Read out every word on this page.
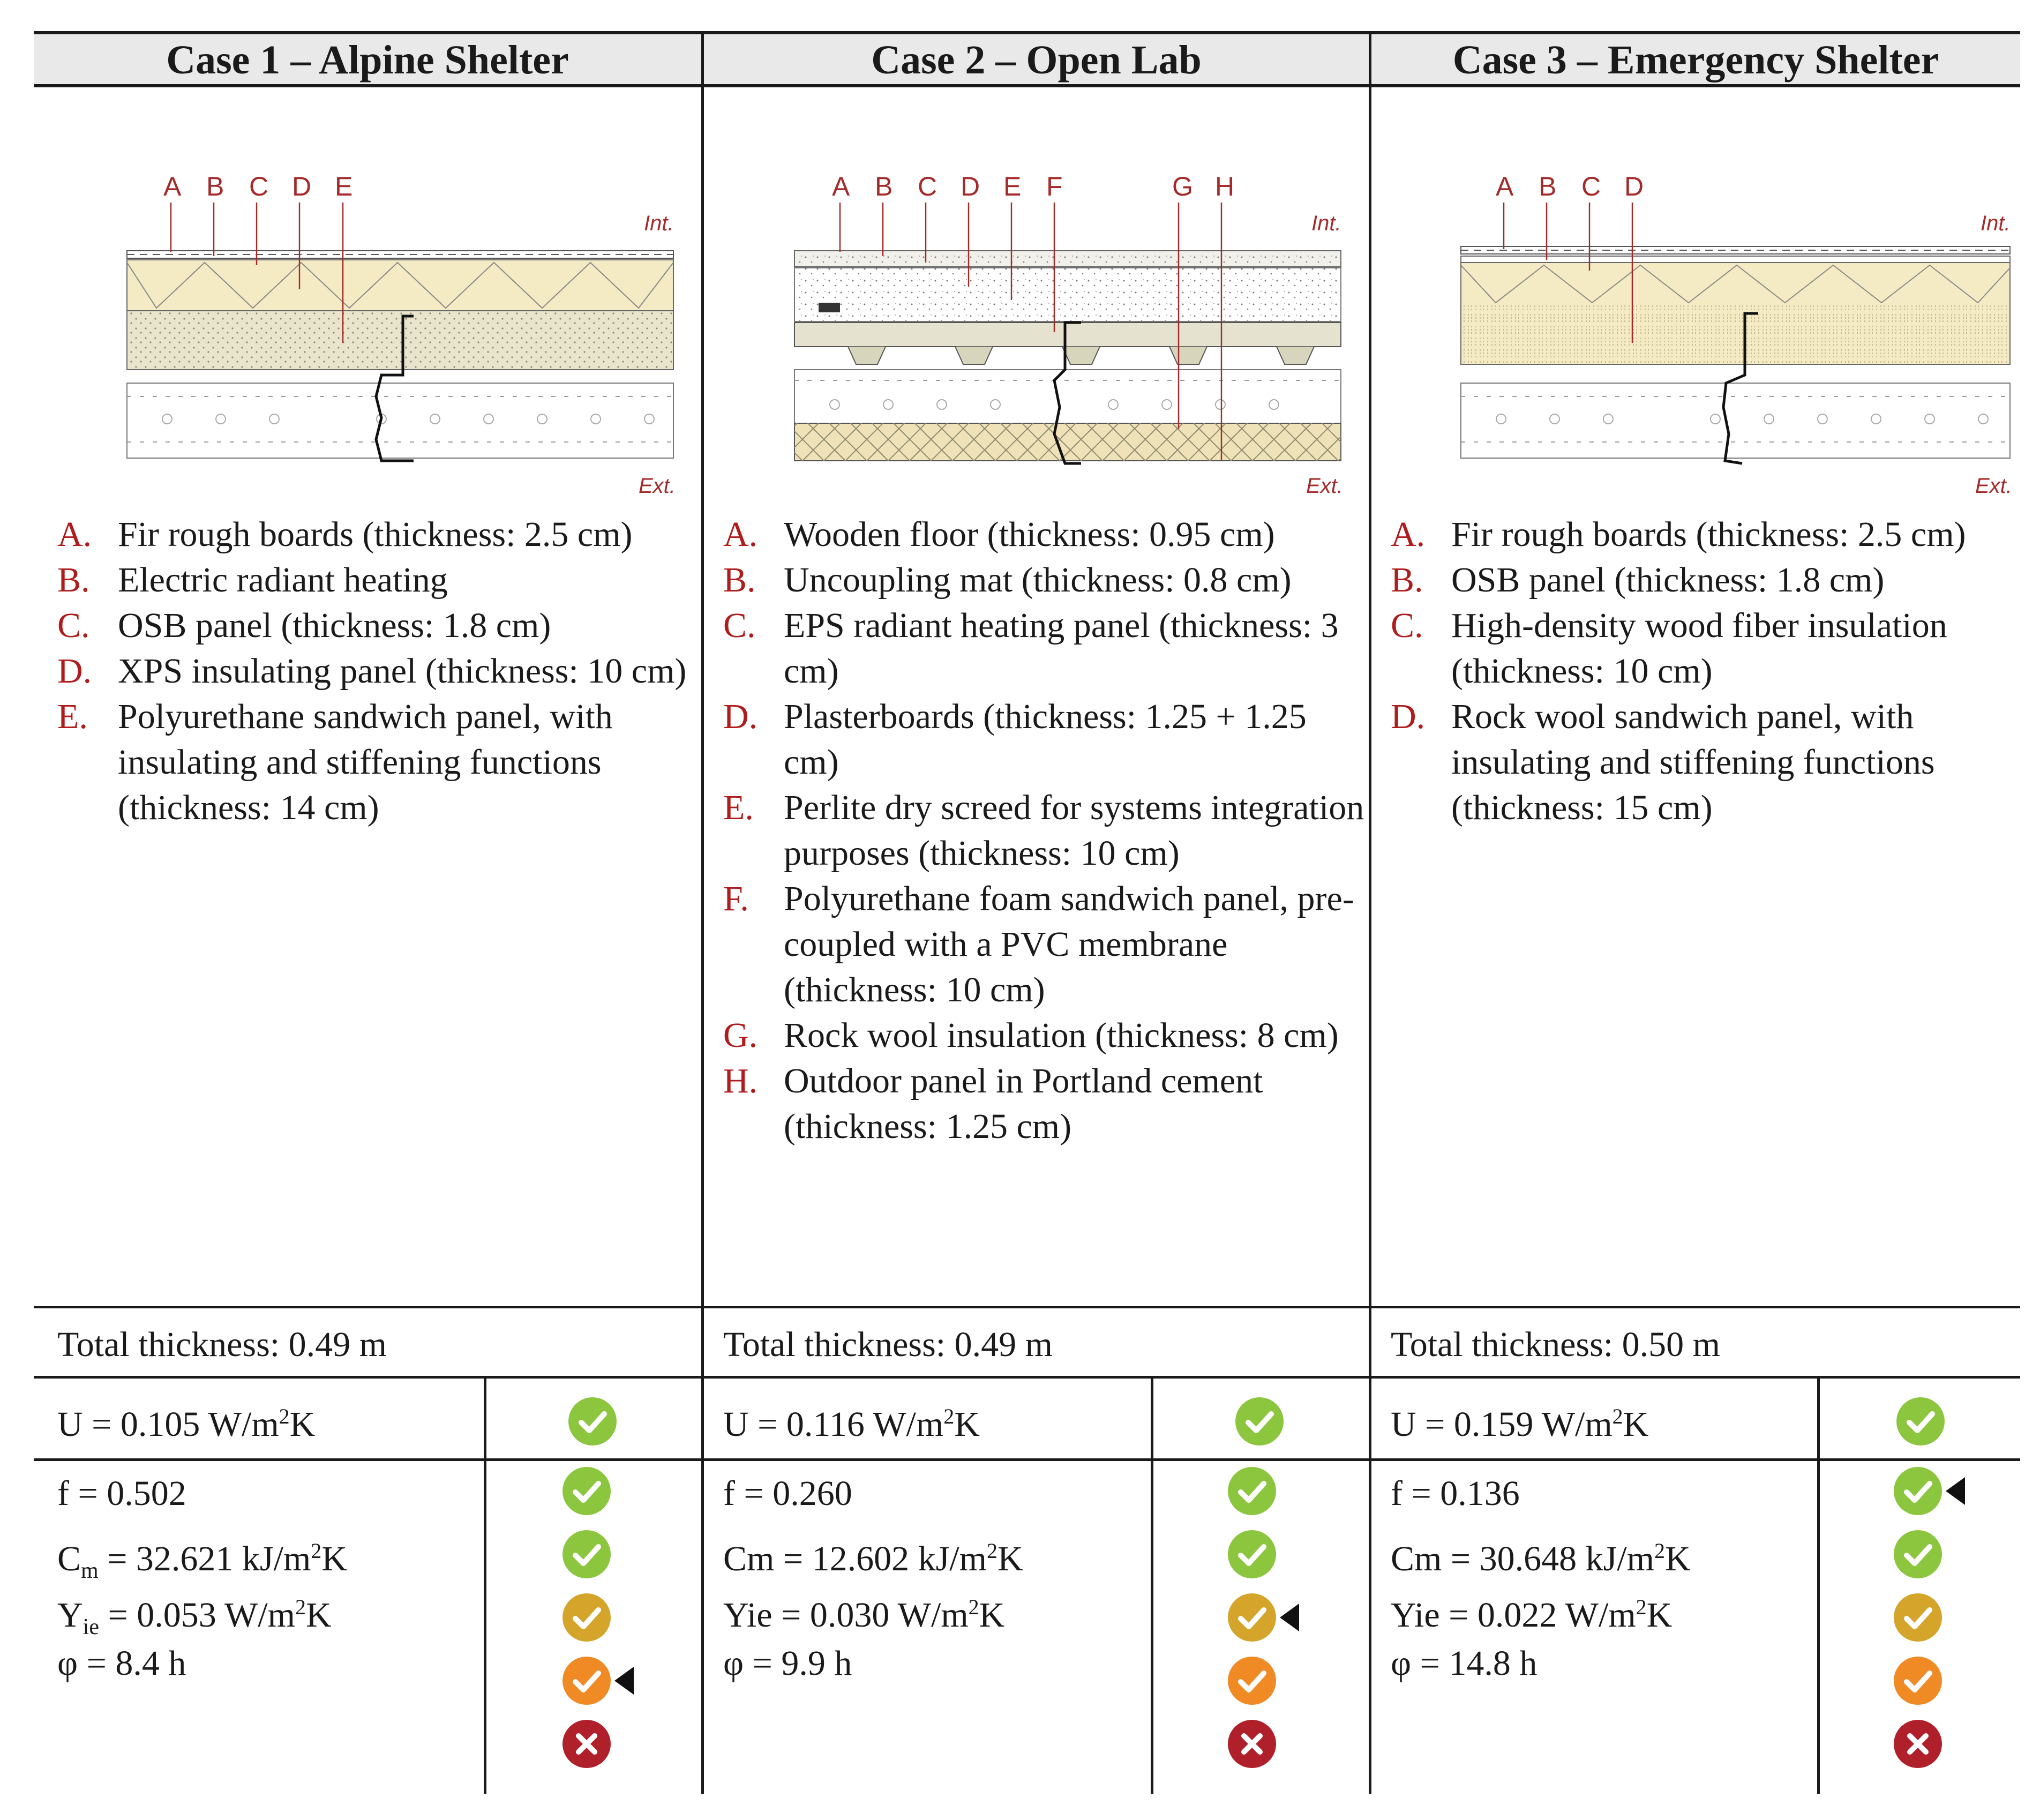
Case 1 – Alpine Shelter
A B C D E
Int.
Ext.
A. Fir rough boards (thickness: 2.5 cm)
B. Electric radiant heating
C. OSB panel (thickness: 1.8 cm)
D. XPS insulating panel (thickness: 10 cm)
E. Polyurethane sandwich panel, with insulating and stiffening functions (thickness: 14 cm)
Total thickness: 0.49 m
U = 0.105 $W/m^2K$
f = 0.502
$C_m = 32.621$ $kJ/m^2K$
$Y_{ie} = 0.053$ $W/m^2K$
φ = 8.4 h
Case 2 – Open Lab
A B C D E F	G H
Int.
Ext.
A. Wooden floor (thickness: 0.95 cm)
B. Uncoupling mat (thickness: 0.8 cm)
C. EPS radiant heating panel (thickness: 3 cm)
D. Plasterboards (thickness: 1.25 + 1.25 cm)
E. Perlite dry screed for systems integration purposes (thickness: 10 cm)
F. Polyurethane foam sandwich panel, pre-coupled with a PVC membrane (thickness: 10 cm)
G. Rock wool insulation (thickness: 8 cm)
H. Outdoor panel in Portland cement (thickness: 1.25 cm)
Total thickness: 0.49 m
U = 0.116 $W/m^2K$
f = 0.260
Cm = 12.602 $kJ/m^2K$
Yie = 0.030 $W/m^2K$
φ = 9.9 h
Case 3 – Emergency Shelter
A B C D
Int.
Ext.
A. Fir rough boards (thickness: 2.5 cm)
B. OSB panel (thickness: 1.8 cm)
C. High-density wood fiber insulation (thickness: 10 cm)
D. Rock wool sandwich panel, with insulating and stiffening functions (thickness: 15 cm)
Total thickness: 0.50 m
U = 0.159 $W/m^2K$
f = 0.136
Cm = 30.648 $kJ/m^2K$
Yie = 0.022 $W/m^2K$
φ = 14.8 h
